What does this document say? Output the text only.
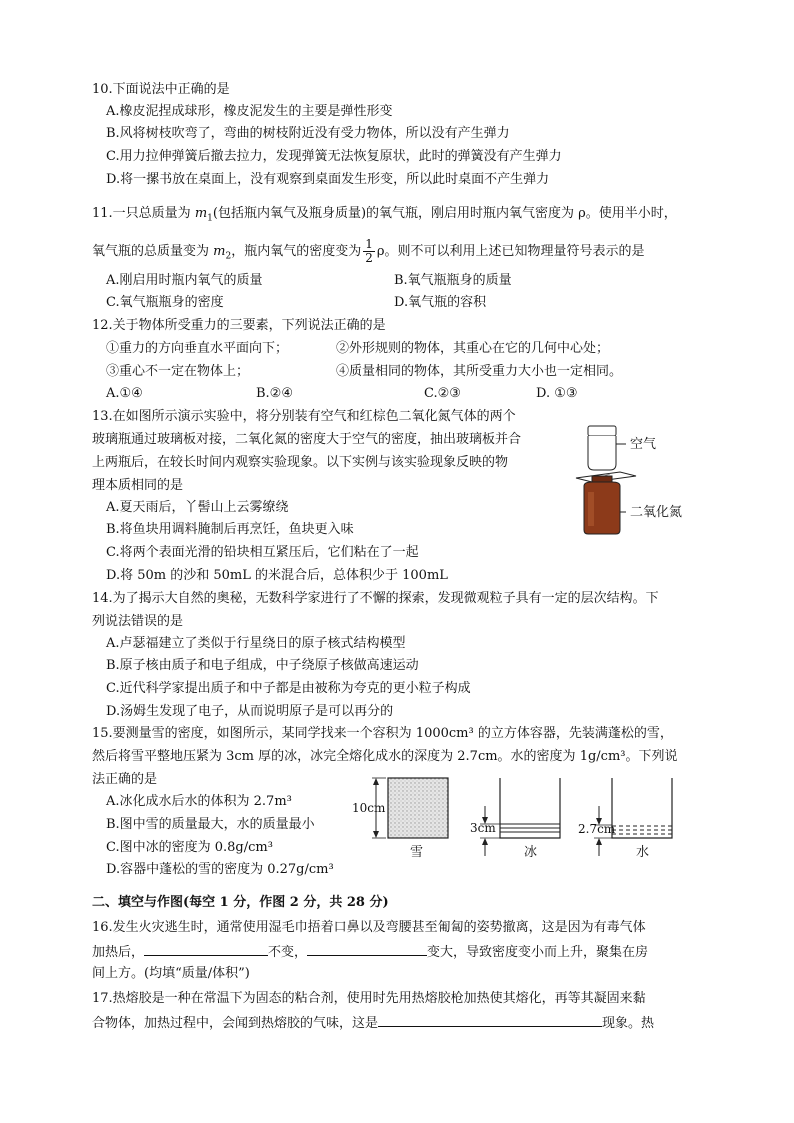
10.下面说法中正确的是
A.橡皮泥捏成球形，橡皮泥发生的主要是弹性形变
B.风将树枝吹弯了，弯曲的树枝附近没有受力物体，所以没有产生弹力
C.用力拉伸弹簧后撤去拉力，发现弹簧无法恢复原状，此时的弹簧没有产生弹力
D.将一摞书放在桌面上，没有观察到桌面发生形变，所以此时桌面不产生弹力
11.一只总质量为 $m_1$(包括瓶内氧气及瓶身质量)的氧气瓶，刚启用时瓶内氧气密度为 ρ。使用半小时，
氧气瓶的总质量变为 $m_2$，瓶内氧气的密度变为 $\frac{1}{2}$ ρ。则不可以利用上述已知物理量符号表示的是
A.刚启用时瓶内氧气的质量	B.氧气瓶瓶身的质量
C.氧气瓶瓶身的密度	D.氧气瓶的容积
12.关于物体所受重力的三要素，下列说法正确的是
①重力的方向垂直水平面向下；	②外形规则的物体，其重心在它的几何中心处；
③重心不一定在物体上；	④质量相同的物体，其所受重力大小也一定相同。
A.①④	B.②④	C.②③	D. ①③
13.在如图所示演示实验中，将分别装有空气和红棕色二氧化氮气体的两个
玻璃瓶通过玻璃板对接，二氧化氮的密度大于空气的密度，抽出玻璃板并合
上两瓶后，在较长时间内观察实验现象。以下实例与该实验现象反映的物
理本质相同的是
A.夏天雨后，丫髻山上云雾缭绕
B.将鱼块用调料腌制后再烹饪，鱼块更入味
C.将两个表面光滑的铅块相互紧压后，它们粘在了一起
D.将 50m 的沙和 50mL 的米混合后，总体积少于 100mL
空气
二氧化氮
14.为了揭示大自然的奥秘，无数科学家进行了不懈的探索，发现微观粒子具有一定的层次结构。下
列说法错误的是
A.卢瑟福建立了类似于行星绕日的原子核式结构模型
B.原子核由质子和电子组成，中子绕原子核做高速运动
C.近代科学家提出质子和中子都是由被称为夸克的更小粒子构成
D.汤姆生发现了电子，从而说明原子是可以再分的
15.要测量雪的密度，如图所示，某同学找来一个容积为 1000cm³ 的立方体容器，先装满蓬松的雪，
然后将雪平整地压紧为 3cm 厚的冰，冰完全熔化成水的深度为 2.7cm。水的密度为 1g/cm³。下列说
法正确的是
A.冰化成水后水的体积为 2.7m³
B.图中雪的质量最大，水的质量最小
C.图中冰的密度为 0.8g/cm³
D.容器中蓬松的雪的密度为 0.27g/cm³
10cm
3cm	2.7cm
雪	冰	水
二、填空与作图(每空 1 分，作图 2 分，共 28 分)
16.发生火灾逃生时，通常使用湿毛巾捂着口鼻以及弯腰甚至匍匐的姿势撤离，这是因为有毒气体
加热后，	不变，	变大，导致密度变小而上升，聚集在房
间上方。(均填“质量/体积”)
17.热熔胶是一种在常温下为固态的粘合剂，使用时先用热熔胶枪加热使其熔化，再等其凝固来黏
合物体，加热过程中，会闻到热熔胶的气味，这是	现象。热
